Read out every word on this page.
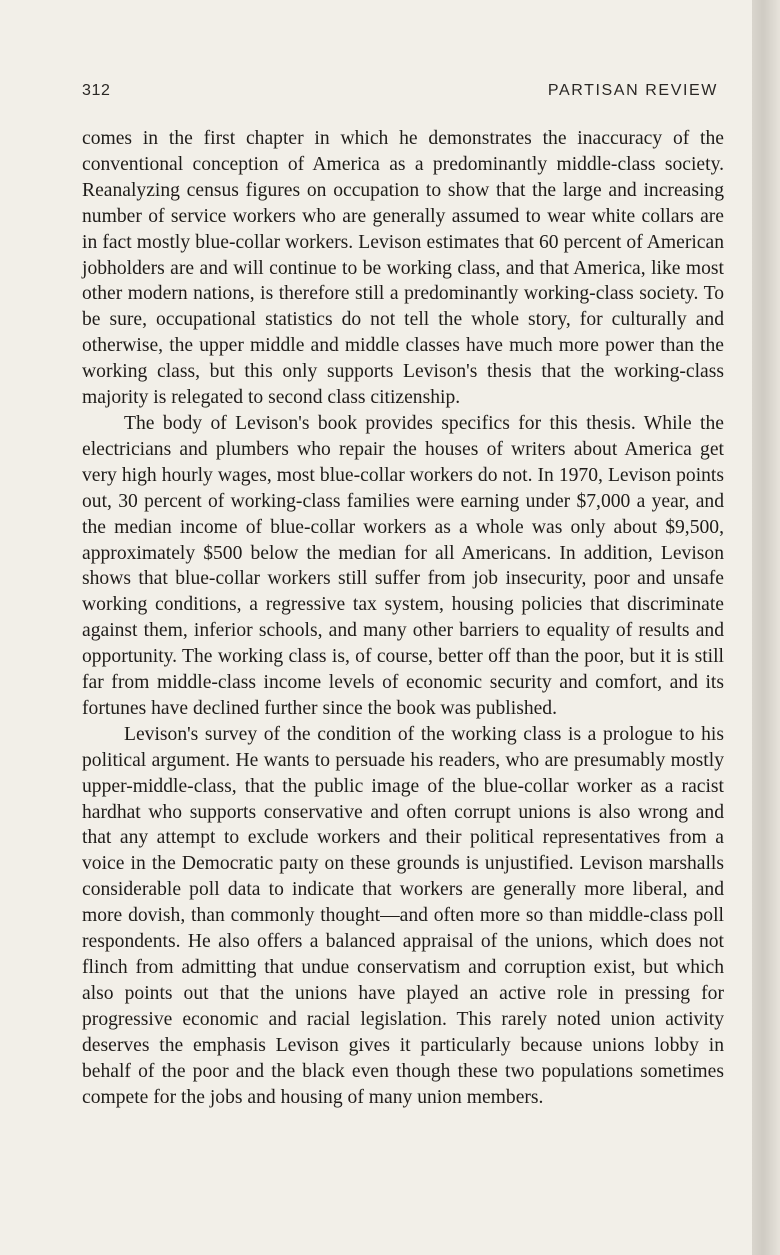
312	PARTISAN REVIEW

comes in the first chapter in which he demonstrates the inaccuracy of the conventional conception of America as a predominantly middle-class society. Reanalyzing census figures on occupation to show that the large and increasing number of service workers who are generally assumed to wear white collars are in fact mostly blue-collar workers. Levison estimates that 60 percent of American jobholders are and will continue to be working class, and that America, like most other modern nations, is therefore still a predominantly working-class society. To be sure, occupational statistics do not tell the whole story, for culturally and otherwise, the upper middle and middle classes have much more power than the working class, but this only supports Levison's thesis that the working-class majority is relegated to second class citizenship.

The body of Levison's book provides specifics for this thesis. While the electricians and plumbers who repair the houses of writers about America get very high hourly wages, most blue-collar workers do not. In 1970, Levison points out, 30 percent of working-class families were earning under $7,000 a year, and the median income of blue-collar workers as a whole was only about $9,500, approximately $500 below the median for all Americans. In addition, Levison shows that blue-collar workers still suffer from job insecurity, poor and unsafe working conditions, a regressive tax system, housing policies that discriminate against them, inferior schools, and many other barriers to equality of results and opportunity. The working class is, of course, better off than the poor, but it is still far from middle-class income levels of economic security and comfort, and its fortunes have declined further since the book was published.

Levison's survey of the condition of the working class is a prologue to his political argument. He wants to persuade his readers, who are presumably mostly upper-middle-class, that the public image of the blue-collar worker as a racist hardhat who supports conservative and often corrupt unions is also wrong and that any attempt to exclude workers and their political representatives from a voice in the Democratic paıty on these grounds is unjustified. Levison marshalls considerable poll data to indicate that workers are generally more liberal, and more dovish, than commonly thought—and often more so than middle-class poll respondents. He also offers a balanced appraisal of the unions, which does not flinch from admitting that undue conservatism and corruption exist, but which also points out that the unions have played an active role in pressing for progressive economic and racial legislation. This rarely noted union activity deserves the emphasis Levison gives it particularly because unions lobby in behalf of the poor and the black even though these two populations sometimes compete for the jobs and housing of many union members.
